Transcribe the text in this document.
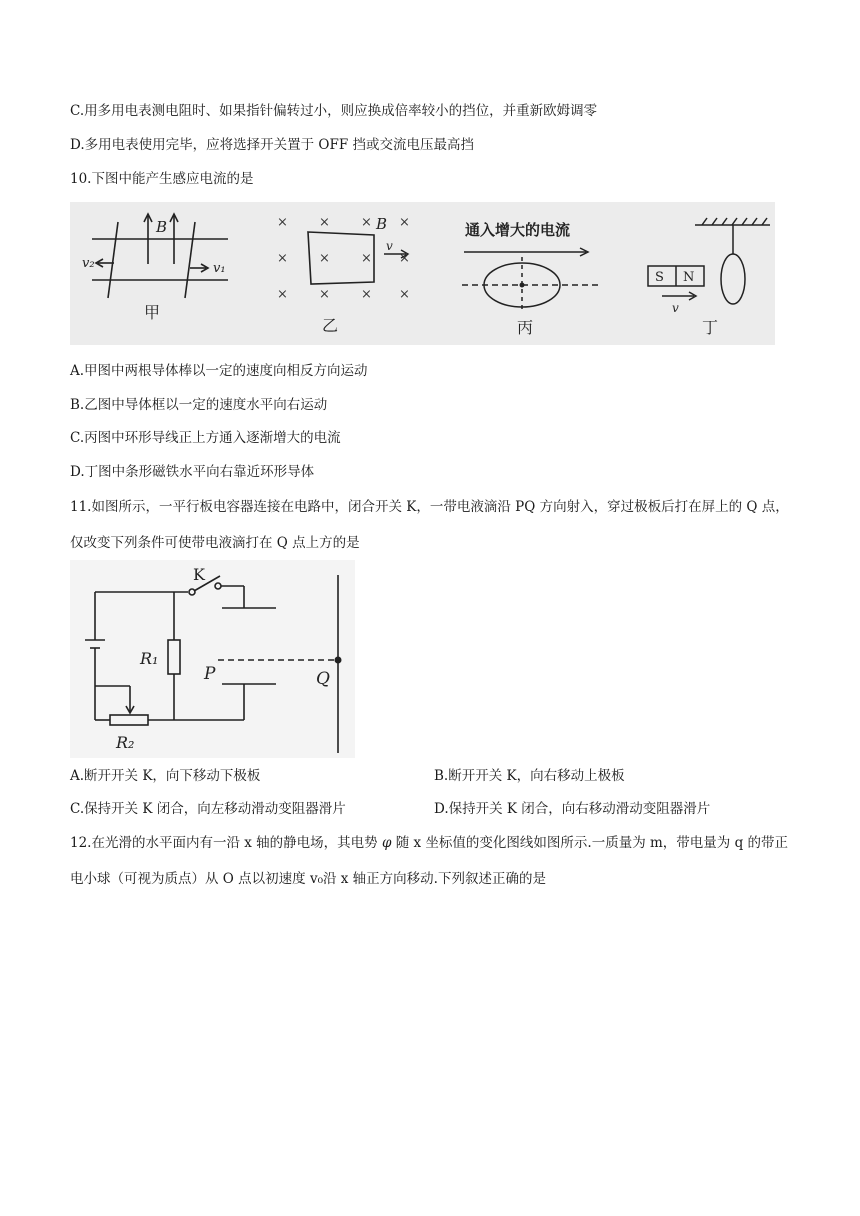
C.用多用电表测电阻时、如果指针偏转过小，则应换成倍率较小的挡位，并重新欧姆调零
D.多用电表使用完毕，应将选择开关置于 OFF 挡或交流电压最高挡
10.下图中能产生感应电流的是
B
v₂	v₁
甲
× × ×
× × × ×
× × × ×
×
B
v
乙
通入增大的电流
丙
S N
v
丁
A.甲图中两根导体棒以一定的速度向相反方向运动
B.乙图中导体框以一定的速度水平向右运动
C.丙图中环形导线正上方通入逐渐增大的电流
D.丁图中条形磁铁水平向右靠近环形导体
11.如图所示，一平行板电容器连接在电路中，闭合开关 K，一带电液滴沿 PQ 方向射入，穿过极板后打在屏上的 Q 点，仅改变下列条件可使带电液滴打在 Q 点上方的是
K
R₁
R₂
P	Q
A.断开开关 K，向下移动下极板	B.断开开关 K，向右移动上极板
C.保持开关 K 闭合，向左移动滑动变阻器滑片	D.保持开关 K 闭合，向右移动滑动变阻器滑片
12.在光滑的水平面内有一沿 x 轴的静电场，其电势 φ 随 x 坐标值的变化图线如图所示.一质量为 m，带电量为 q 的带正电小球（可视为质点）从 O 点以初速度 v₀沿 x 轴正方向移动.下列叙述正确的是
